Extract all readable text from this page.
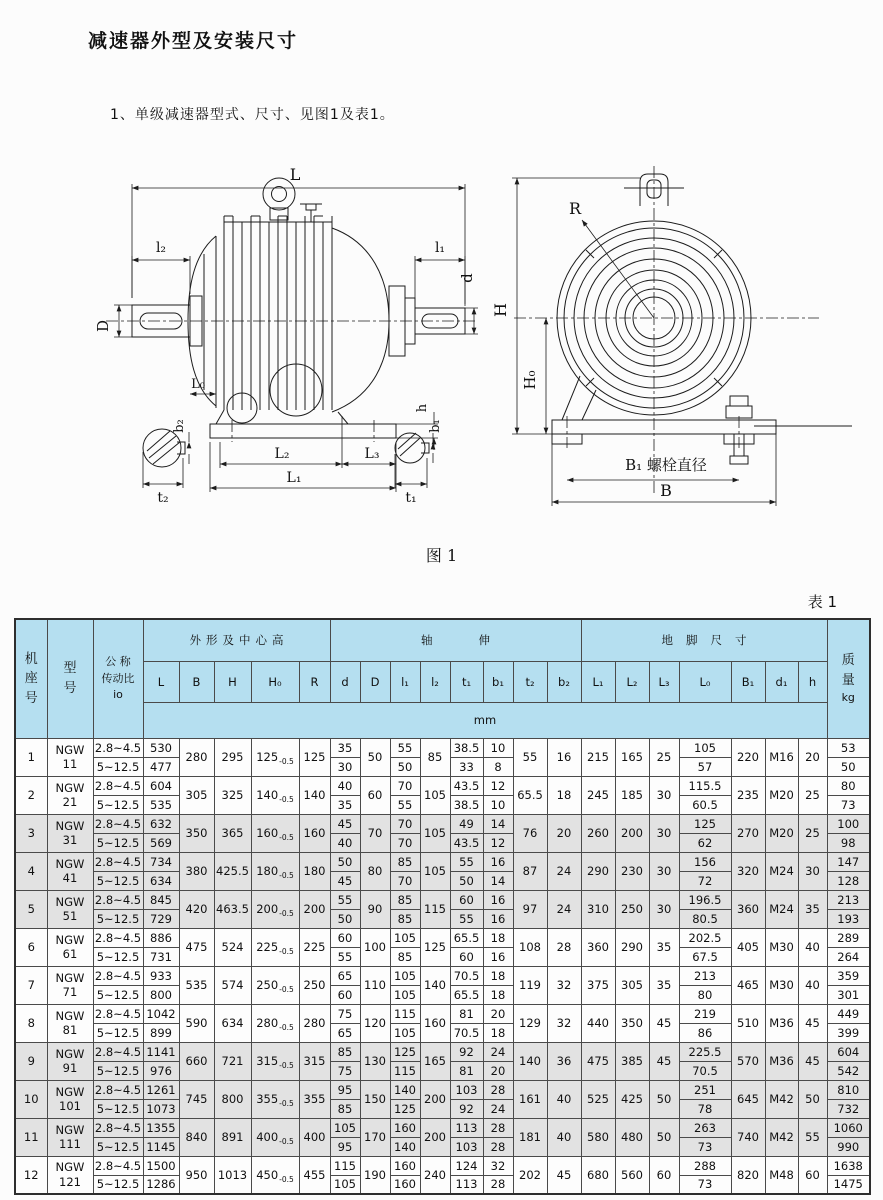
减速器外型及安装尺寸
1、单级减速器型式、尺寸、见图1及表1。
L
l₂	l₁
D
d
L₀
h
L₂	L₃
L₁
b₂
t₂
b₁
t₁
R
H
H₀
B₁ 螺栓直径
B
图 1
表 1
机
座
号

型
号

公 称
传动比
io
	外形及中心高	轴伸	地脚尺寸	
质
量
kg

			L	B	H	H₀	R	d	D	l₁	l₂	t₁	b₁	t₂	b₂	L₁	L₂	L₃	L₀	B₁	d₁	h	
			mm																				
1	NGW
11	2.8~4.5	530	280	295	$125_{-0.5}$	125	35	50	55	85	38.5	10	55	16	215	165	25	105	220	M16	20	53
		5~12.5	477					30		50		33	8						57				50
2	NGW
21	2.8~4.5	604	305	325	$140_{-0.5}$	140	40	60	70	105	43.5	12	65.5	18	245	185	30	115.5	235	M20	25	80
		5~12.5	535					35		55		38.5	10						60.5				73
3	NGW
31	2.8~4.5	632	350	365	$160_{-0.5}$	160	45	70	70	105	49	14	76	20	260	200	30	125	270	M20	25	100
		5~12.5	569					40		70		43.5	12						62				98
4	NGW
41	2.8~4.5	734	380	425.5	$180_{-0.5}$	180	50	80	85	105	55	16	87	24	290	230	30	156	320	M24	30	147
		5~12.5	634					45		70		50	14						72				128
5	NGW
51	2.8~4.5	845	420	463.5	$200_{-0.5}$	200	55	90	85	115	60	16	97	24	310	250	30	196.5	360	M24	35	213
		5~12.5	729					50		85		55	16						80.5				193
6	NGW
61	2.8~4.5	886	475	524	$225_{-0.5}$	225	60	100	105	125	65.5	18	108	28	360	290	35	202.5	405	M30	40	289
		5~12.5	731					55		85		60	16						67.5				264
7	NGW
71	2.8~4.5	933	535	574	$250_{-0.5}$	250	65	110	105	140	70.5	18	119	32	375	305	35	213	465	M30	40	359
		5~12.5	800					60		105		65.5	18						80				301
8	NGW
81	2.8~4.5	1042	590	634	$280_{-0.5}$	280	75	120	115	160	81	20	129	32	440	350	45	219	510	M36	45	449
		5~12.5	899					65		105		70.5	18						86				399
9	NGW
91	2.8~4.5	1141	660	721	$315_{-0.5}$	315	85	130	125	165	92	24	140	36	475	385	45	225.5	570	M36	45	604
		5~12.5	976					75		115		81	20						70.5				542
10	NGW
101	2.8~4.5	1261	745	800	$355_{-0.5}$	355	95	150	140	200	103	28	161	40	525	425	50	251	645	M42	50	810
		5~12.5	1073					85		125		92	24						78				732
11	NGW
111	2.8~4.5	1355	840	891	$400_{-0.5}$	400	105	170	160	200	113	28	181	40	580	480	50	263	740	M42	55	1060
		5~12.5	1145					95		140		103	28						73				990
12	NGW
121	2.8~4.5	1500	950	1013	$450_{-0.5}$	455	115	190	160	240	124	32	202	45	680	560	60	288	820	M48	60	1638
		5~12.5	1286					105		160		113	28						73				1475
